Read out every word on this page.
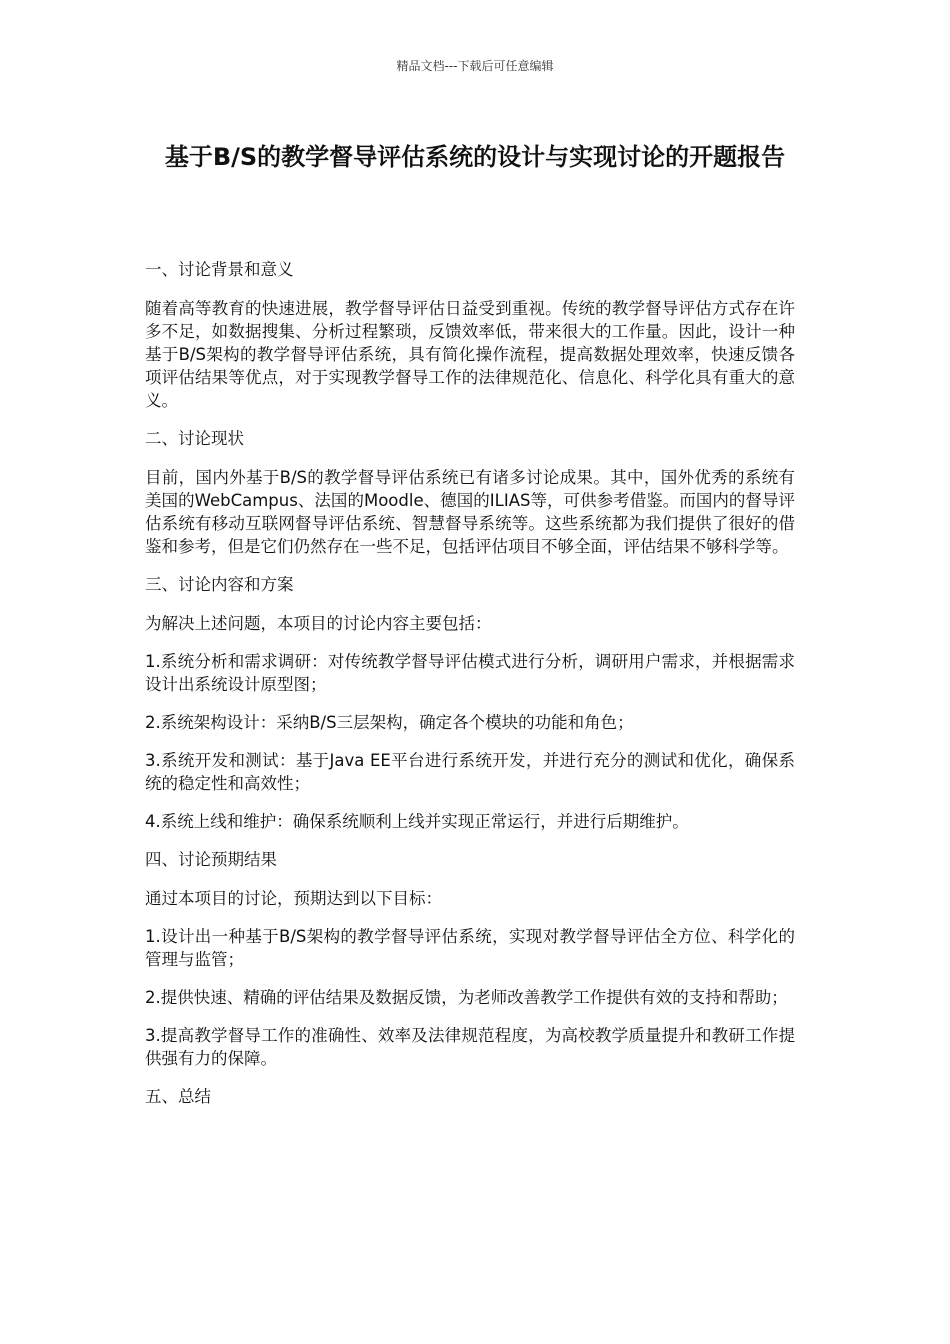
精品文档---下载后可任意编辑
基于B/S的教学督导评估系统的设计与实现讨论的开题报告

一、讨论背景和意义

随着高等教育的快速进展，教学督导评估日益受到重视。传统的教学督导评估方式存在许多不足，如数据搜集、分析过程繁琐，反馈效率低，带来很大的工作量。因此，设计一种基于B/S架构的教学督导评估系统，具有简化操作流程，提高数据处理效率，快速反馈各项评估结果等优点，对于实现教学督导工作的法律规范化、信息化、科学化具有重大的意义。

二、讨论现状

目前，国内外基于B/S的教学督导评估系统已有诸多讨论成果。其中，国外优秀的系统有美国的WebCampus、法国的Moodle、德国的ILIAS等，可供参考借鉴。而国内的督导评估系统有移动互联网督导评估系统、智慧督导系统等。这些系统都为我们提供了很好的借鉴和参考，但是它们仍然存在一些不足，包括评估项目不够全面，评估结果不够科学等。

三、讨论内容和方案

为解决上述问题，本项目的讨论内容主要包括：

1.系统分析和需求调研：对传统教学督导评估模式进行分析，调研用户需求，并根据需求设计出系统设计原型图；

2.系统架构设计：采纳B/S三层架构，确定各个模块的功能和角色；

3.系统开发和测试：基于Java EE平台进行系统开发，并进行充分的测试和优化，确保系统的稳定性和高效性；

4.系统上线和维护：确保系统顺利上线并实现正常运行，并进行后期维护。

四、讨论预期结果

通过本项目的讨论，预期达到以下目标：

1.设计出一种基于B/S架构的教学督导评估系统，实现对教学督导评估全方位、科学化的管理与监管；

2.提供快速、精确的评估结果及数据反馈，为老师改善教学工作提供有效的支持和帮助；

3.提高教学督导工作的准确性、效率及法律规范程度，为高校教学质量提升和教研工作提供强有力的保障。

五、总结
